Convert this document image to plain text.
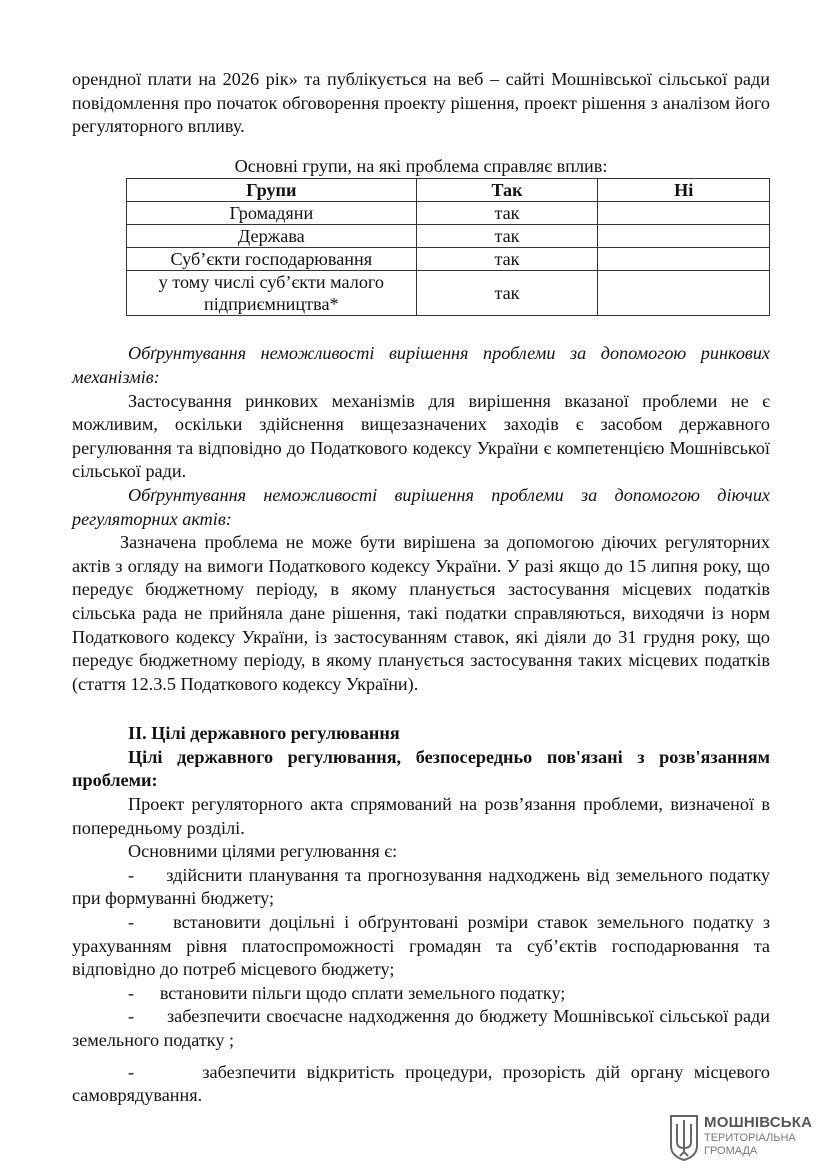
орендної плати на 2026 рік» та публікується на веб – сайті Мошнівської сільської ради повідомлення про початок обговорення проекту рішення, проект рішення з аналізом його регуляторного впливу.

Основні групи, на які проблема справляє вплив:

Групи	Так	Ні
Громадяни	так	
Держава	так	
Суб’єкти господарювання	так	
у тому числі суб’єкти малого підприємництва*	так	

Обґрунтування неможливості вирішення проблеми за допомогою ринкових механізмів:

Застосування ринкових механізмів для вирішення вказаної проблеми не є можливим, оскільки здійснення вищезазначених заходів є засобом державного регулювання та відповідно до Податкового кодексу України є компетенцією Мошнівської сільської ради.

Обґрунтування неможливості вирішення проблеми за допомогою діючих регуляторних актів:

Зазначена проблема не може бути вирішена за допомогою діючих регуляторних актів з огляду на вимоги Податкового кодексу України. У разі якщо до 15 липня року, що передує бюджетному періоду, в якому планується застосування місцевих податків сільська рада не прийняла дане рішення, такі податки справляються, виходячи із норм Податкового кодексу України, із застосуванням ставок, які діяли до 31 грудня року, що передує бюджетному періоду, в якому планується застосування таких місцевих податків (стаття 12.3.5 Податкового кодексу України).

ІІ. Цілі державного регулювання

Цілі державного регулювання, безпосередньо пов'язані з розв'язанням проблеми:

Проект регуляторного акта спрямований на розв’язання проблеми, визначеної в попередньому розділі.

Основними цілями регулювання є:

- здійснити планування та прогнозування надходжень від земельного податку при формуванні бюджету;

- встановити доцільні і обґрунтовані розміри ставок земельного податку з урахуванням рівня платоспроможності громадян та суб’єктів господарювання та відповідно до потреб місцевого бюджету;

- встановити пільги щодо сплати земельного податку;

- забезпечити своєчасне надходження до бюджету Мошнівської сільської ради земельного податку ;

-	забезпечити відкритість процедури, прозорість дій органу місцевого самоврядування.

МОШНІВСЬКА
ТЕРИТОРІАЛЬНА
ГРОМАДА
